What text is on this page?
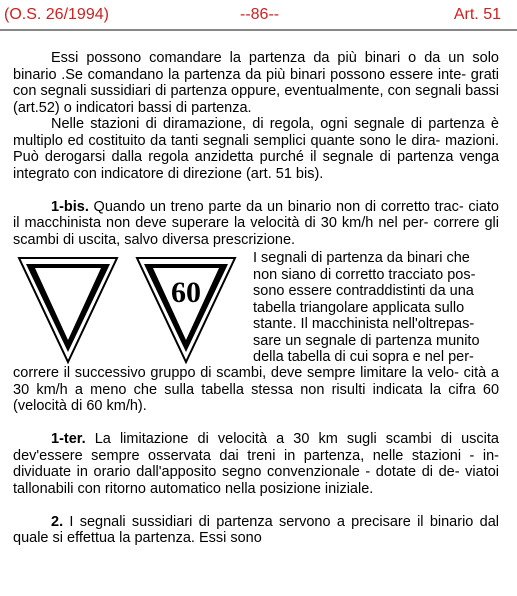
(O.S. 26/1994)	--86--	Art. 51

Essi possono comandare la partenza da più binari o da un solo binario .Se comandano la partenza da più binari possono essere inte- grati con segnali sussidiari di partenza oppure, eventualmente, con segnali bassi (art.52) o indicatori bassi di partenza.

Nelle stazioni di diramazione, di regola, ogni segnale di partenza è multiplo ed costituito da tanti segnali semplici quante sono le dira- mazioni. Può derogarsi dalla regola anzidetta purché il segnale di partenza venga integrato con indicatore di direzione (art. 51 bis).

1-bis. Quando un treno parte da un binario non di corretto trac- ciato il macchinista non deve superare la velocità di 30 km/h nel per- correre gli scambi di uscita, salvo diversa prescrizione.

60
I segnali di partenza da binari che
non siano di corretto tracciato pos-
sono essere contraddistinti da una
tabella triangolare applicata sullo
stante. Il macchinista nell'oltrepas-
sare un segnale di partenza munito
della tabella di cui sopra e nel per-

correre il successivo gruppo di scambi, deve sempre limitare la velo- cità a 30 km/h a meno che sulla tabella stessa non risulti indicata la cifra 60 (velocità di 60 km/h).

1-ter. La limitazione di velocità a 30 km sugli scambi di uscita dev'essere sempre osservata dai treni in partenza, nelle stazioni - in- dividuate in orario dall'apposito segno convenzionale - dotate di de- viatoi tallonabili con ritorno automatico nella posizione iniziale.

2. I segnali sussidiari di partenza servono a precisare il binario dal quale si effettua la partenza. Essi sono
